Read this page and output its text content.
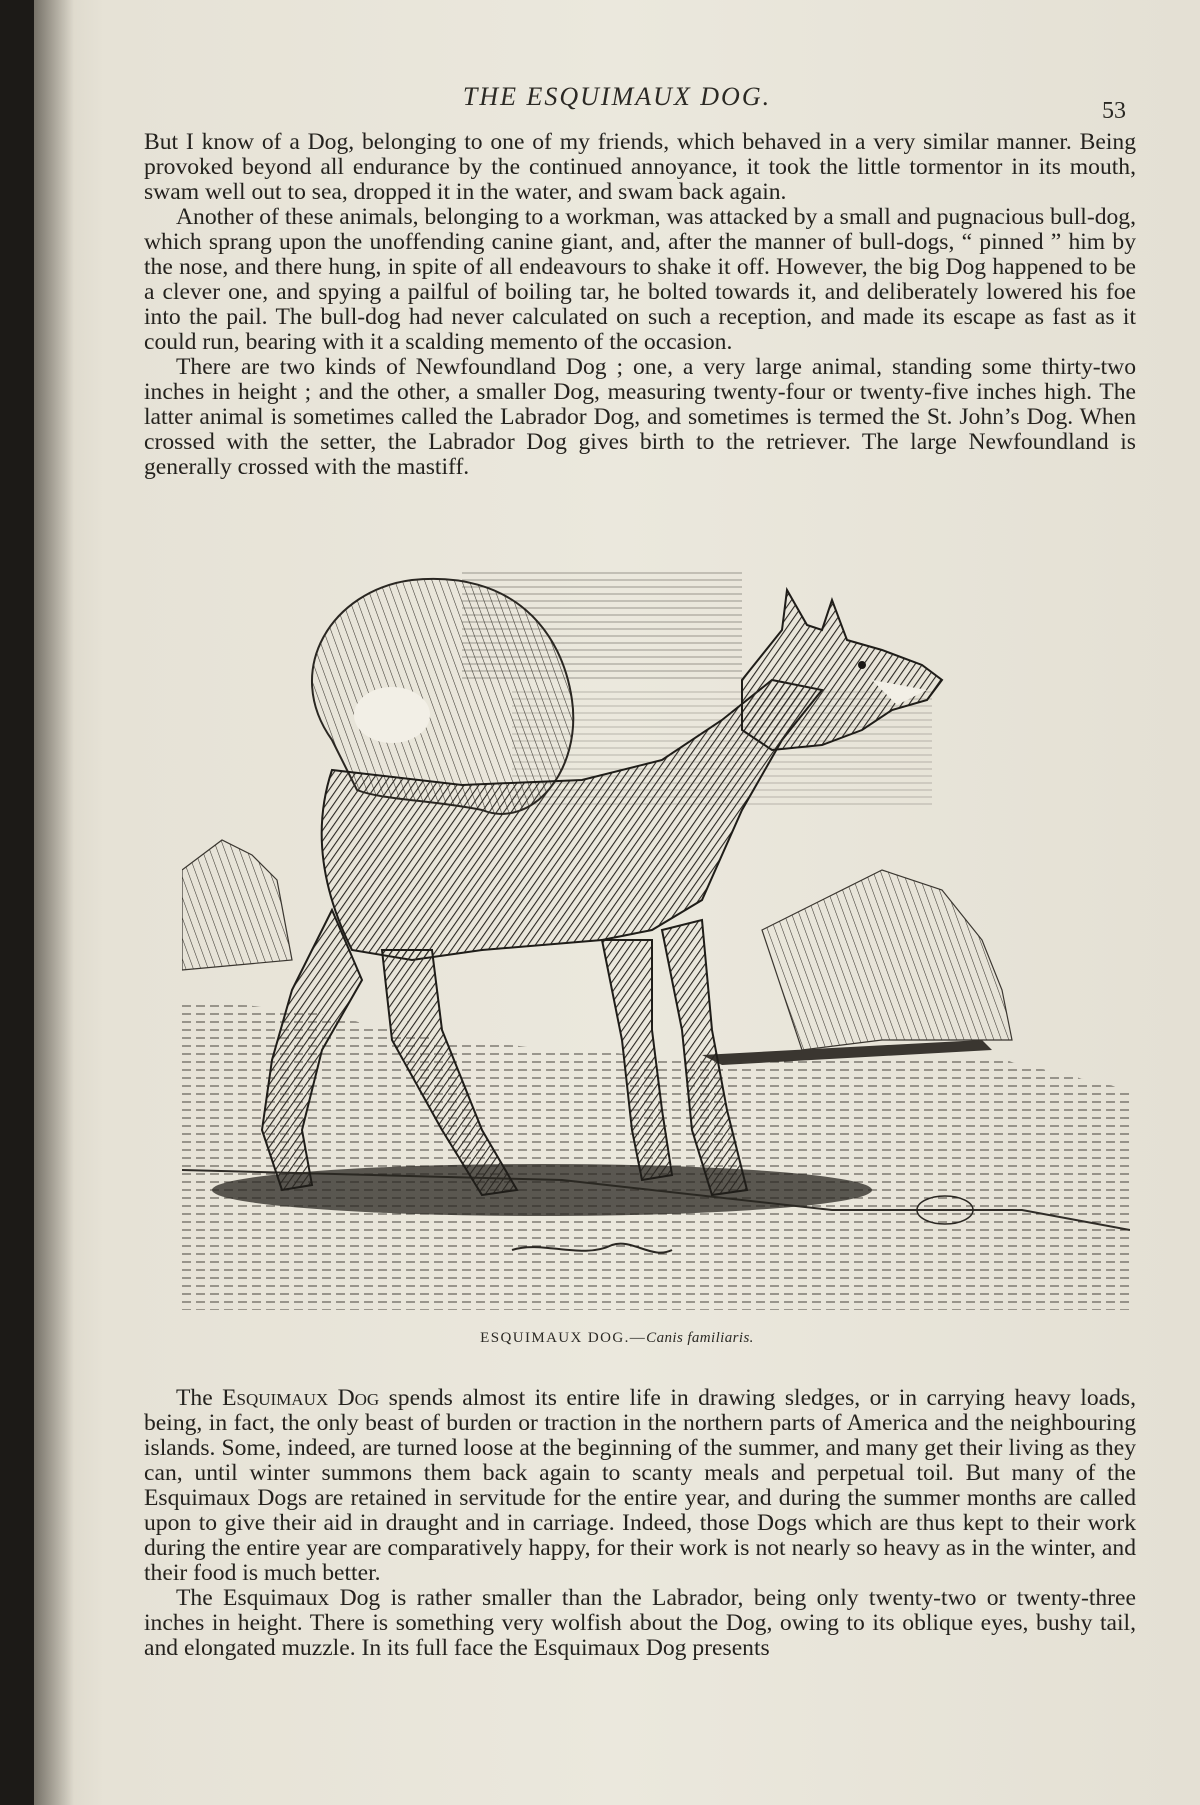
THE ESQUIMAUX DOG.	53

But I know of a Dog, belonging to one of my friends, which behaved in a very similar manner. Being provoked beyond all endurance by the continued annoyance, it took the little tormentor in its mouth, swam well out to sea, dropped it in the water, and swam back again.

Another of these animals, belonging to a workman, was attacked by a small and pugnacious bull-dog, which sprang upon the unoffending canine giant, and, after the manner of bull-dogs, “ pinned ” him by the nose, and there hung, in spite of all endeavours to shake it off. However, the big Dog happened to be a clever one, and spying a pailful of boiling tar, he bolted towards it, and deliberately lowered his foe into the pail. The bull-dog had never calculated on such a reception, and made its escape as fast as it could run, bearing with it a scalding memento of the occasion.

There are two kinds of Newfoundland Dog ; one, a very large animal, standing some thirty-two inches in height ; and the other, a smaller Dog, measuring twenty-four or twenty-five inches high. The latter animal is sometimes called the Labrador Dog, and sometimes is termed the St. John’s Dog. When crossed with the setter, the Labrador Dog gives birth to the retriever. The large Newfoundland is generally crossed with the mastiff.

ESQUIMAUX DOG.—Canis familiaris.

The Esquimaux Dog spends almost its entire life in drawing sledges, or in carrying heavy loads, being, in fact, the only beast of burden or traction in the northern parts of America and the neighbouring islands. Some, indeed, are turned loose at the beginning of the summer, and many get their living as they can, until winter summons them back again to scanty meals and perpetual toil. But many of the Esquimaux Dogs are retained in servitude for the entire year, and during the summer months are called upon to give their aid in draught and in carriage. Indeed, those Dogs which are thus kept to their work during the entire year are comparatively happy, for their work is not nearly so heavy as in the winter, and their food is much better.

The Esquimaux Dog is rather smaller than the Labrador, being only twenty-two or twenty-three inches in height. There is something very wolfish about the Dog, owing to its oblique eyes, bushy tail, and elongated muzzle. In its full face the Esquimaux Dog presents
